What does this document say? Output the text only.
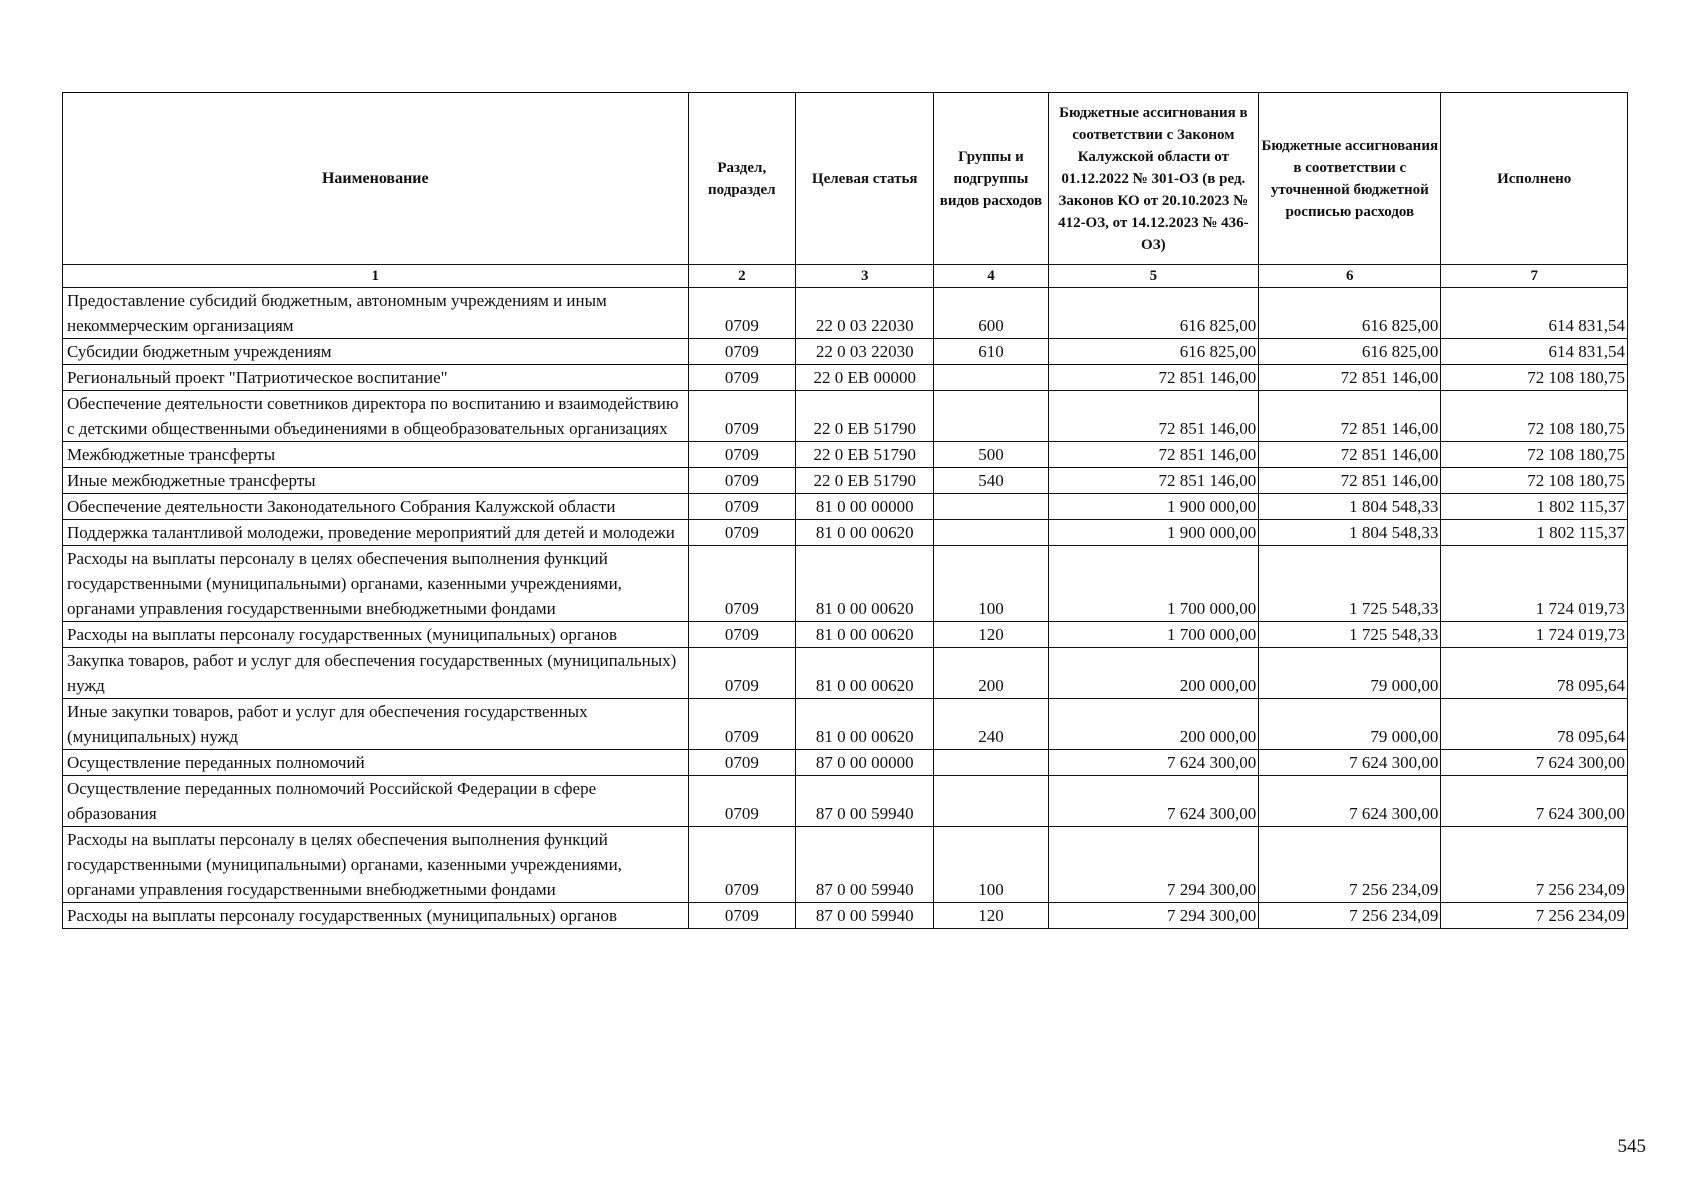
Наименование	Раздел, подраздел	Целевая статья	Группы и подгруппы видов расходов	Бюджетные ассигнования в соответствии с Законом Калужской области от 01.12.2022 № 301-ОЗ (в ред. Законов КО от 20.10.2023 № 412-ОЗ, от 14.12.2023 № 436-ОЗ)	Бюджетные ассигнования в соответствии с уточненной бюджетной росписью расходов	Исполнено
1	2	3	4	5	6	7
Предоставление субсидий бюджетным, автономным учреждениям и иным некоммерческим организациям	0709	22 0 03 22030	600	616 825,00	616 825,00	614 831,54
Субсидии бюджетным учреждениям	0709	22 0 03 22030	610	616 825,00	616 825,00	614 831,54
Региональный проект "Патриотическое воспитание"	0709	22 0 ЕВ 00000		72 851 146,00	72 851 146,00	72 108 180,75
Обеспечение деятельности советников директора по воспитанию и взаимодействию с детскими общественными объединениями в общеобразовательных организациях	0709	22 0 ЕВ 51790		72 851 146,00	72 851 146,00	72 108 180,75
Межбюджетные трансферты	0709	22 0 ЕВ 51790	500	72 851 146,00	72 851 146,00	72 108 180,75
Иные межбюджетные трансферты	0709	22 0 ЕВ 51790	540	72 851 146,00	72 851 146,00	72 108 180,75
Обеспечение деятельности Законодательного Собрания Калужской области	0709	81 0 00 00000		1 900 000,00	1 804 548,33	1 802 115,37
Поддержка талантливой молодежи, проведение мероприятий для детей и молодежи	0709	81 0 00 00620		1 900 000,00	1 804 548,33	1 802 115,37
Расходы на выплаты персоналу в целях обеспечения выполнения функций государственными (муниципальными) органами, казенными учреждениями, органами управления государственными внебюджетными фондами	0709	81 0 00 00620	100	1 700 000,00	1 725 548,33	1 724 019,73
Расходы на выплаты персоналу государственных (муниципальных) органов	0709	81 0 00 00620	120	1 700 000,00	1 725 548,33	1 724 019,73
Закупка товаров, работ и услуг для обеспечения государственных (муниципальных) нужд	0709	81 0 00 00620	200	200 000,00	79 000,00	78 095,64
Иные закупки товаров, работ и услуг для обеспечения государственных (муниципальных) нужд	0709	81 0 00 00620	240	200 000,00	79 000,00	78 095,64
Осуществление переданных полномочий	0709	87 0 00 00000		7 624 300,00	7 624 300,00	7 624 300,00
Осуществление переданных полномочий Российской Федерации в сфере образования	0709	87 0 00 59940		7 624 300,00	7 624 300,00	7 624 300,00
Расходы на выплаты персоналу в целях обеспечения выполнения функций государственными (муниципальными) органами, казенными учреждениями, органами управления государственными внебюджетными фондами	0709	87 0 00 59940	100	7 294 300,00	7 256 234,09	7 256 234,09
Расходы на выплаты персоналу государственных (муниципальных) органов	0709	87 0 00 59940	120	7 294 300,00	7 256 234,09	7 256 234,09
545
